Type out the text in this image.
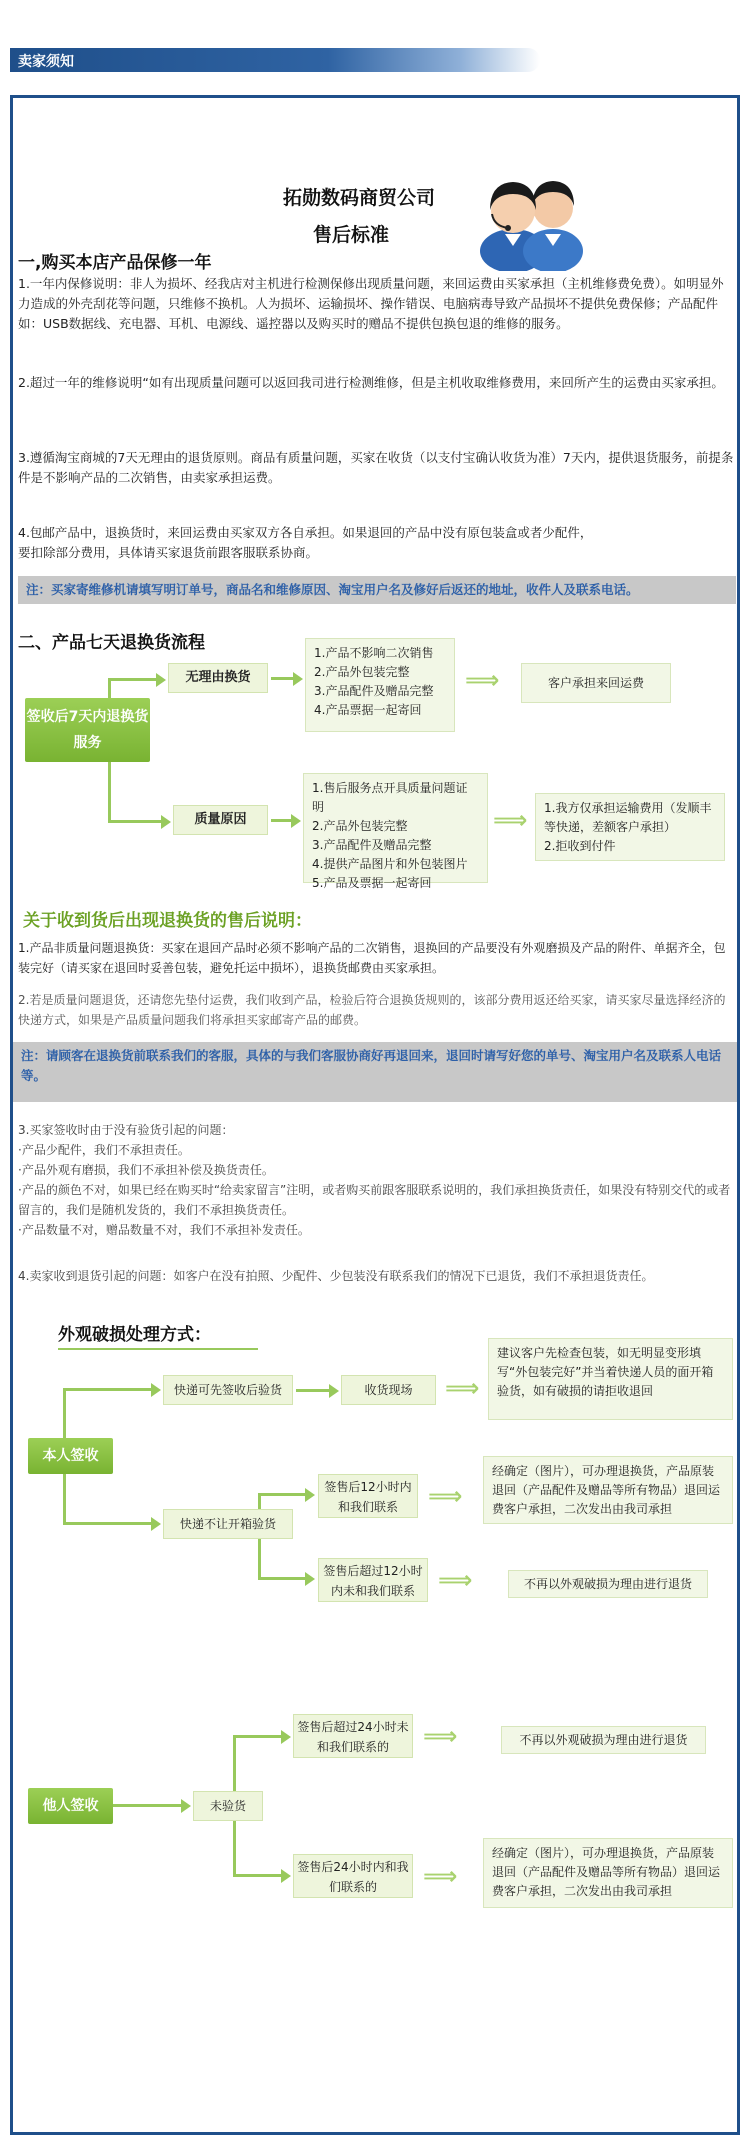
卖家须知
拓勋数码商贸公司
售后标准
一,购买本店产品保修一年
1.一年内保修说明：非人为损坏、经我店对主机进行检测保修出现质量问题，来回运费由买家承担（主机维修费免费）。如明显外力造成的外壳刮花等问题，只维修不换机。人为损坏、运输损坏、操作错误、电脑病毒导致产品损坏不提供免费保修；产品配件如：USB数据线、充电器、耳机、电源线、遥控器以及购买时的赠品不提供包换包退的维修的服务。
2.超过一年的维修说明“如有出现质量问题可以返回我司进行检测维修，但是主机收取维修费用，来回所产生的运费由买家承担。
3.遵循淘宝商城的7天无理由的退货原则。商品有质量问题，买家在收货（以支付宝确认收货为准）7天内，提供退货服务，前提条件是不影响产品的二次销售，由卖家承担运费。
4.包邮产品中，退换货时，来回运费由买家双方各自承担。如果退回的产品中没有原包装盒或者少配件，
要扣除部分费用，具体请买家退货前跟客服联系协商。
注：买家寄维修机请填写明订单号，商品名和维修原因、淘宝用户名及修好后返还的地址，收件人及联系电话。
二、产品七天退换货流程
签收后7天内退换货服务
无理由换货
1.产品不影响二次销售
2.产品外包装完整
3.产品配件及赠品完整
4.产品票据一起寄回
⟹	客户承担来回运费
质量原因
1.售后服务点开具质量问题证明
2.产品外包装完整
3.产品配件及赠品完整
4.提供产品图片和外包装图片
5.产品及票据一起寄回
⟹ 1.我方仅承担运输费用（发顺丰等快递，差额客户承担）
2.拒收到付件
关于收到货后出现退换货的售后说明：
1.产品非质量问题退换货：买家在退回产品时必须不影响产品的二次销售，退换回的产品要没有外观磨损及产品的附件、单据齐全，包装完好（请买家在退回时妥善包装，避免托运中损坏），退换货邮费由买家承担。
2.若是质量问题退货，还请您先垫付运费，我们收到产品，检验后符合退换货规则的，该部分费用返还给买家，请买家尽量选择经济的快递方式，如果是产品质量问题我们将承担买家邮寄产品的邮费。
注：请顾客在退换货前联系我们的客服，具体的与我们客服协商好再退回来，退回时请写好您的单号、淘宝用户名及联系人电话等。
3.买家签收时由于没有验货引起的问题：
·产品少配件，我们不承担责任。
·产品外观有磨损，我们不承担补偿及换货责任。
·产品的颜色不对，如果已经在购买时“给卖家留言”注明，或者购买前跟客服联系说明的，我们承担换货责任，如果没有特别交代的或者留言的，我们是随机发货的，我们不承担换货责任。
·产品数量不对，赠品数量不对，我们不承担补发责任。
4.卖家收到退货引起的问题：如客户在没有拍照、少配件、少包装没有联系我们的情况下已退货，我们不承担退货责任。
外观破损处理方式：
本人签收
快递可先签收后验货	收货现场	⟹
建议客户先检查包装，如无明显变形填写“外包装完好”并当着快递人员的面开箱验货，如有破损的请拒收退回
快递不让开箱验货
签售后12小时内和我们联系	⟹
经确定（图片），可办理退换货，产品原装退回（产品配件及赠品等所有物品）退回运费客户承担，二次发出由我司承担
签售后超过12小时内未和我们联系 ⟹	不再以外观破损为理由进行退货
他人签收	未验货
签售后超过24小时未和我们联系的	⟹	不再以外观破损为理由进行退货
签售后24小时内和我们联系的	⟹
经确定（图片），可办理退换货，产品原装退回（产品配件及赠品等所有物品）退回运费客户承担，二次发出由我司承担
